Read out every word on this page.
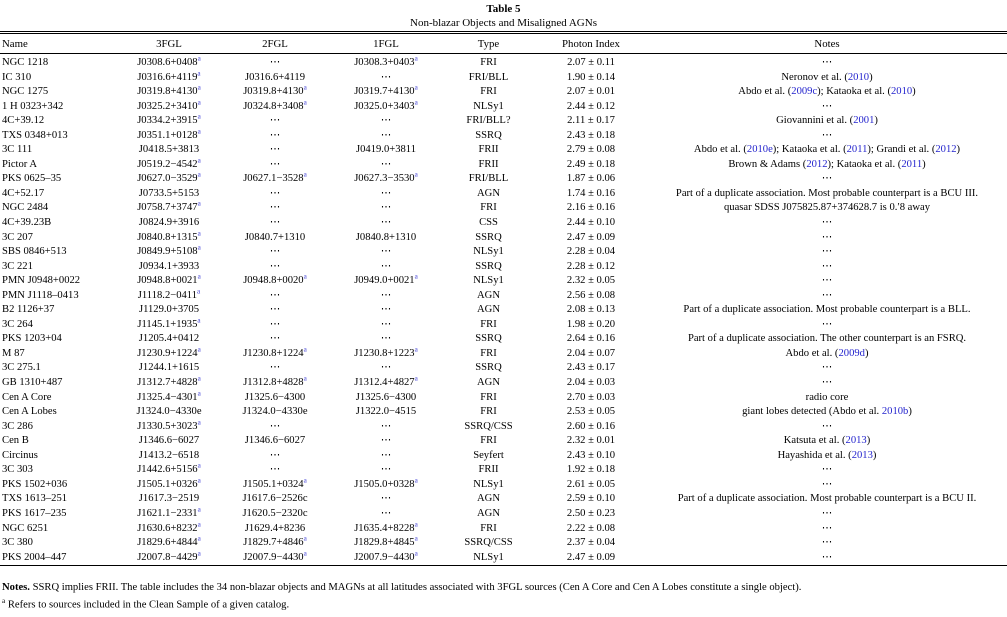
Table 5
Non-blazar Objects and Misaligned AGNs
Name	3FGL	2FGL	1FGL	Type	Photon Index	Notes
NGC 1218	J0308.6+0408$^a$	⋯	J0308.3+0403$^a$	FRI	2.07 ± 0.11	⋯
IC 310	J0316.6+4119$^a$	J0316.6+4119	⋯	FRI/BLL	1.90 ± 0.14	Neronov et al. (2010)
NGC 1275	J0319.8+4130$^a$	J0319.8+4130$^a$	J0319.7+4130$^a$	FRI	2.07 ± 0.01	Abdo et al. (2009c); Kataoka et al. (2010)
1 H 0323+342	J0325.2+3410$^a$	J0324.8+3408$^a$	J0325.0+3403$^a$	NLSy1	2.44 ± 0.12	⋯
4C+39.12	J0334.2+3915$^a$	⋯	⋯	FRI/BLL?	2.11 ± 0.17	Giovannini et al. (2001)
TXS 0348+013	J0351.1+0128$^a$	⋯	⋯	SSRQ	2.43 ± 0.18	⋯
3C 111	J0418.5+3813	⋯	J0419.0+3811	FRII	2.79 ± 0.08	Abdo et al. (2010e); Kataoka et al. (2011); Grandi et al. (2012)
Pictor A	J0519.2−4542$^a$	⋯	⋯	FRII	2.49 ± 0.18	Brown & Adams (2012); Kataoka et al. (2011)
PKS 0625–35	J0627.0−3529$^a$	J0627.1−3528$^a$	J0627.3−3530$^a$	FRI/BLL	1.87 ± 0.06	⋯
4C+52.17	J0733.5+5153	⋯	⋯	AGN	1.74 ± 0.16	Part of a duplicate association. Most probable counterpart is a BCU III.
NGC 2484	J0758.7+3747$^a$	⋯	⋯	FRI	2.16 ± 0.16	quasar SDSS J075825.87+374628.7 is 0.′8 away
4C+39.23B	J0824.9+3916	⋯	⋯	CSS	2.44 ± 0.10	⋯
3C 207	J0840.8+1315$^a$	J0840.7+1310	J0840.8+1310	SSRQ	2.47 ± 0.09	⋯
SBS 0846+513	J0849.9+5108$^a$	⋯	⋯	NLSy1	2.28 ± 0.04	⋯
3C 221	J0934.1+3933	⋯	⋯	SSRQ	2.28 ± 0.12	⋯
PMN J0948+0022	J0948.8+0021$^a$	J0948.8+0020$^a$	J0949.0+0021$^a$	NLSy1	2.32 ± 0.05	⋯
PMN J1118–0413	J1118.2−0411$^a$	⋯	⋯	AGN	2.56 ± 0.08	⋯
B2 1126+37	J1129.0+3705	⋯	⋯	AGN	2.08 ± 0.13	Part of a duplicate association. Most probable counterpart is a BLL.
3C 264	J1145.1+1935$^a$	⋯	⋯	FRI	1.98 ± 0.20	⋯
PKS 1203+04	J1205.4+0412	⋯	⋯	SSRQ	2.64 ± 0.16	Part of a duplicate association. The other counterpart is an FSRQ.
M 87	J1230.9+1224$^a$	J1230.8+1224$^a$	J1230.8+1223$^a$	FRI	2.04 ± 0.07	Abdo et al. (2009d)
3C 275.1	J1244.1+1615	⋯	⋯	SSRQ	2.43 ± 0.17	⋯
GB 1310+487	J1312.7+4828$^a$	J1312.8+4828$^a$	J1312.4+4827$^a$	AGN	2.04 ± 0.03	⋯
Cen A Core	J1325.4−4301$^a$	J1325.6−4300	J1325.6−4300	FRI	2.70 ± 0.03	radio core
Cen A Lobes	J1324.0−4330e	J1324.0−4330e	J1322.0−4515	FRI	2.53 ± 0.05	giant lobes detected (Abdo et al. 2010b)
3C 286	J1330.5+3023$^a$	⋯	⋯	SSRQ/CSS	2.60 ± 0.16	⋯
Cen B	J1346.6−6027	J1346.6−6027	⋯	FRI	2.32 ± 0.01	Katsuta et al. (2013)
Circinus	J1413.2−6518	⋯	⋯	Seyfert	2.43 ± 0.10	Hayashida et al. (2013)
3C 303	J1442.6+5156$^a$	⋯	⋯	FRII	1.92 ± 0.18	⋯
PKS 1502+036	J1505.1+0326$^a$	J1505.1+0324$^a$	J1505.0+0328$^a$	NLSy1	2.61 ± 0.05	⋯
TXS 1613–251	J1617.3−2519	J1617.6−2526c	⋯	AGN	2.59 ± 0.10	Part of a duplicate association. Most probable counterpart is a BCU II.
PKS 1617–235	J1621.1−2331$^a$	J1620.5−2320c	⋯	AGN	2.50 ± 0.23	⋯
NGC 6251	J1630.6+8232$^a$	J1629.4+8236	J1635.4+8228$^a$	FRI	2.22 ± 0.08	⋯
3C 380	J1829.6+4844$^a$	J1829.7+4846$^a$	J1829.8+4845$^a$	SSRQ/CSS	2.37 ± 0.04	⋯
PKS 2004–447	J2007.8−4429$^a$	J2007.9−4430$^a$	J2007.9−4430$^a$	NLSy1	2.47 ± 0.09	⋯

Notes. SSRQ implies FRII. The table includes the 34 non-blazar objects and MAGNs at all latitudes associated with 3FGL sources (Cen A Core and Cen A Lobes constitute a single object).

$^a$ Refers to sources included in the Clean Sample of a given catalog.
